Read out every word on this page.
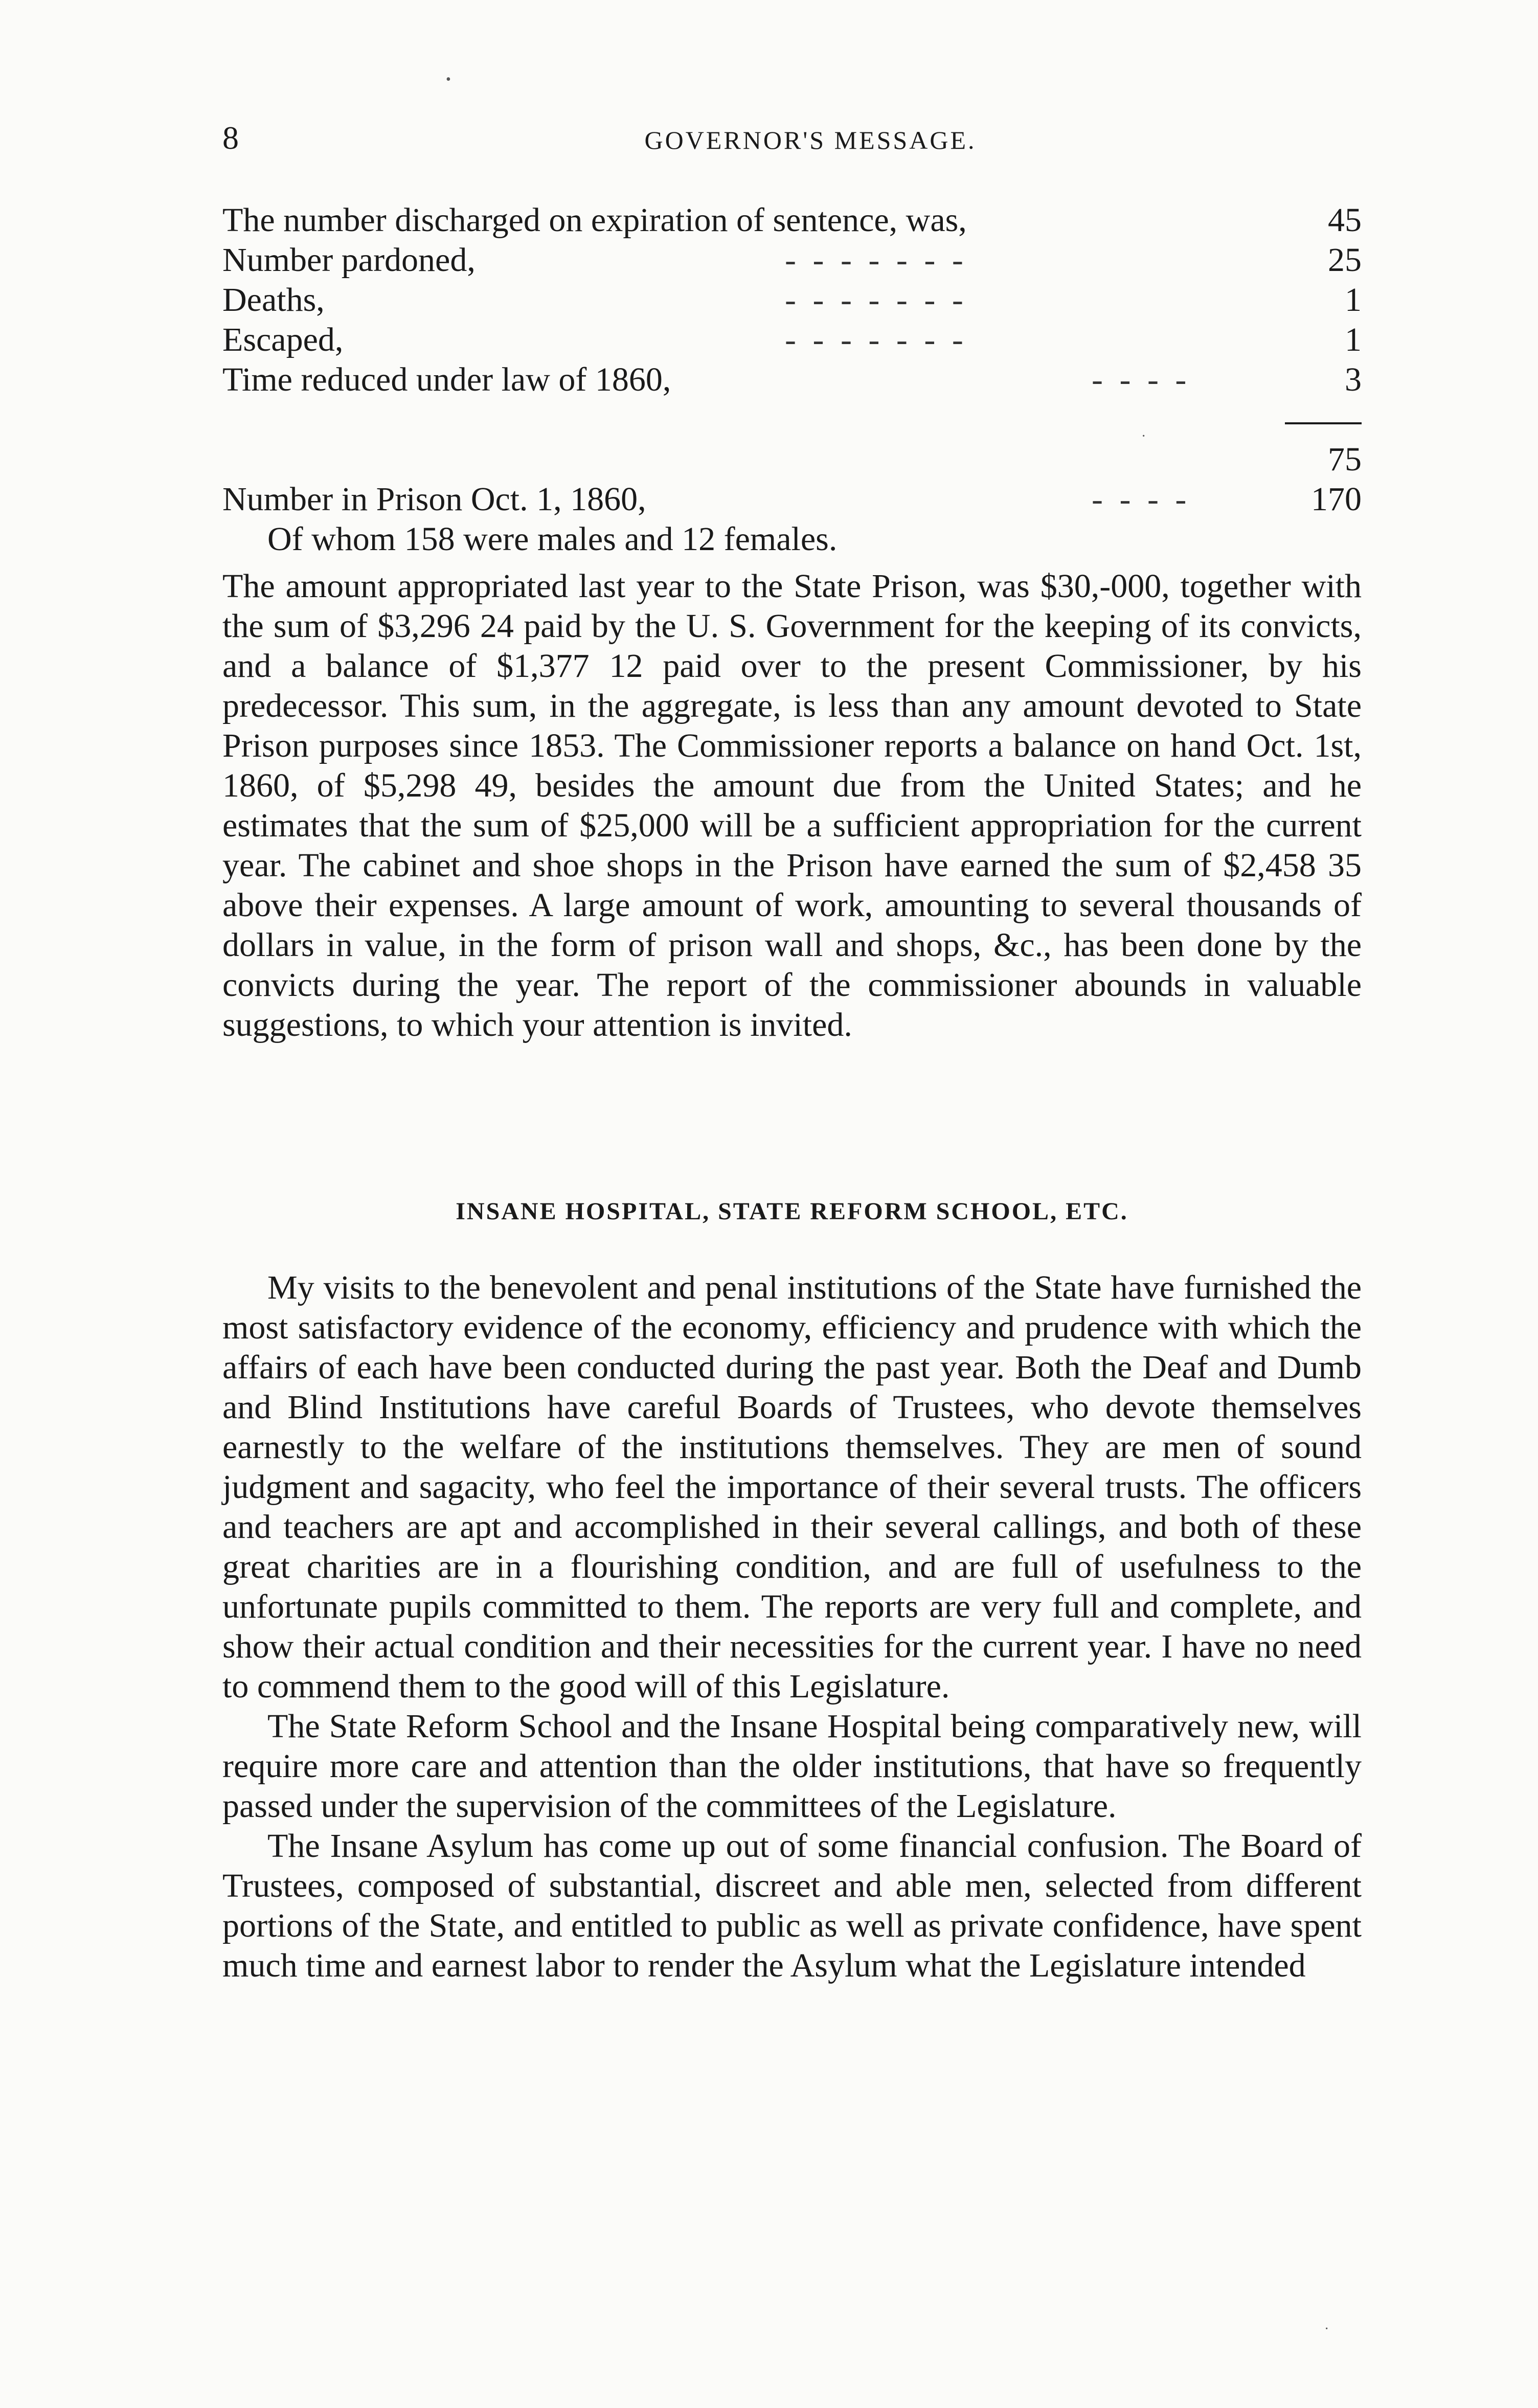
8	GOVERNOR'S MESSAGE.
The number discharged on expiration of sentence, was,	45
Number pardoned,	- - - - - - -	25
Deaths,	- - - - - - -	1
Escaped,	- - - - - - -	1
Time reduced under law of 1860,	- - - -	3
75
Number in Prison Oct. 1, 1860,	- - - -	170
Of whom 158 were males and 12 females.

The amount appropriated last year to the State Prison, was $30,-000, together with the sum of $3,296 24 paid by the U. S. Government for the keeping of its convicts, and a balance of $1,377 12 paid over to the present Commissioner, by his predecessor. This sum, in the aggregate, is less than any amount devoted to State Prison purposes since 1853. The Commissioner reports a balance on hand Oct. 1st, 1860, of $5,298 49, besides the amount due from the United States; and he estimates that the sum of $25,000 will be a sufficient appropriation for the current year. The cabinet and shoe shops in the Prison have earned the sum of $2,458 35 above their expenses. A large amount of work, amounting to several thousands of dollars in value, in the form of prison wall and shops, &c., has been done by the convicts during the year. The report of the commissioner abounds in valuable suggestions, to which your attention is invited.

INSANE HOSPITAL, STATE REFORM SCHOOL, ETC.

My visits to the benevolent and penal institutions of the State have furnished the most satisfactory evidence of the economy, efficiency and prudence with which the affairs of each have been conducted during the past year. Both the Deaf and Dumb and Blind Institutions have careful Boards of Trustees, who devote themselves earnestly to the welfare of the institutions themselves. They are men of sound judgment and sagacity, who feel the importance of their several trusts. The officers and teachers are apt and accomplished in their several callings, and both of these great charities are in a flourishing condition, and are full of usefulness to the unfortunate pupils committed to them. The reports are very full and complete, and show their actual condition and their necessities for the current year. I have no need to commend them to the good will of this Legislature.

The State Reform School and the Insane Hospital being comparatively new, will require more care and attention than the older institutions, that have so frequently passed under the supervision of the committees of the Legislature.

The Insane Asylum has come up out of some financial confusion. The Board of Trustees, composed of substantial, discreet and able men, selected from different portions of the State, and entitled to public as well as private confidence, have spent much time and earnest labor to render the Asylum what the Legislature intended

•
·
·
